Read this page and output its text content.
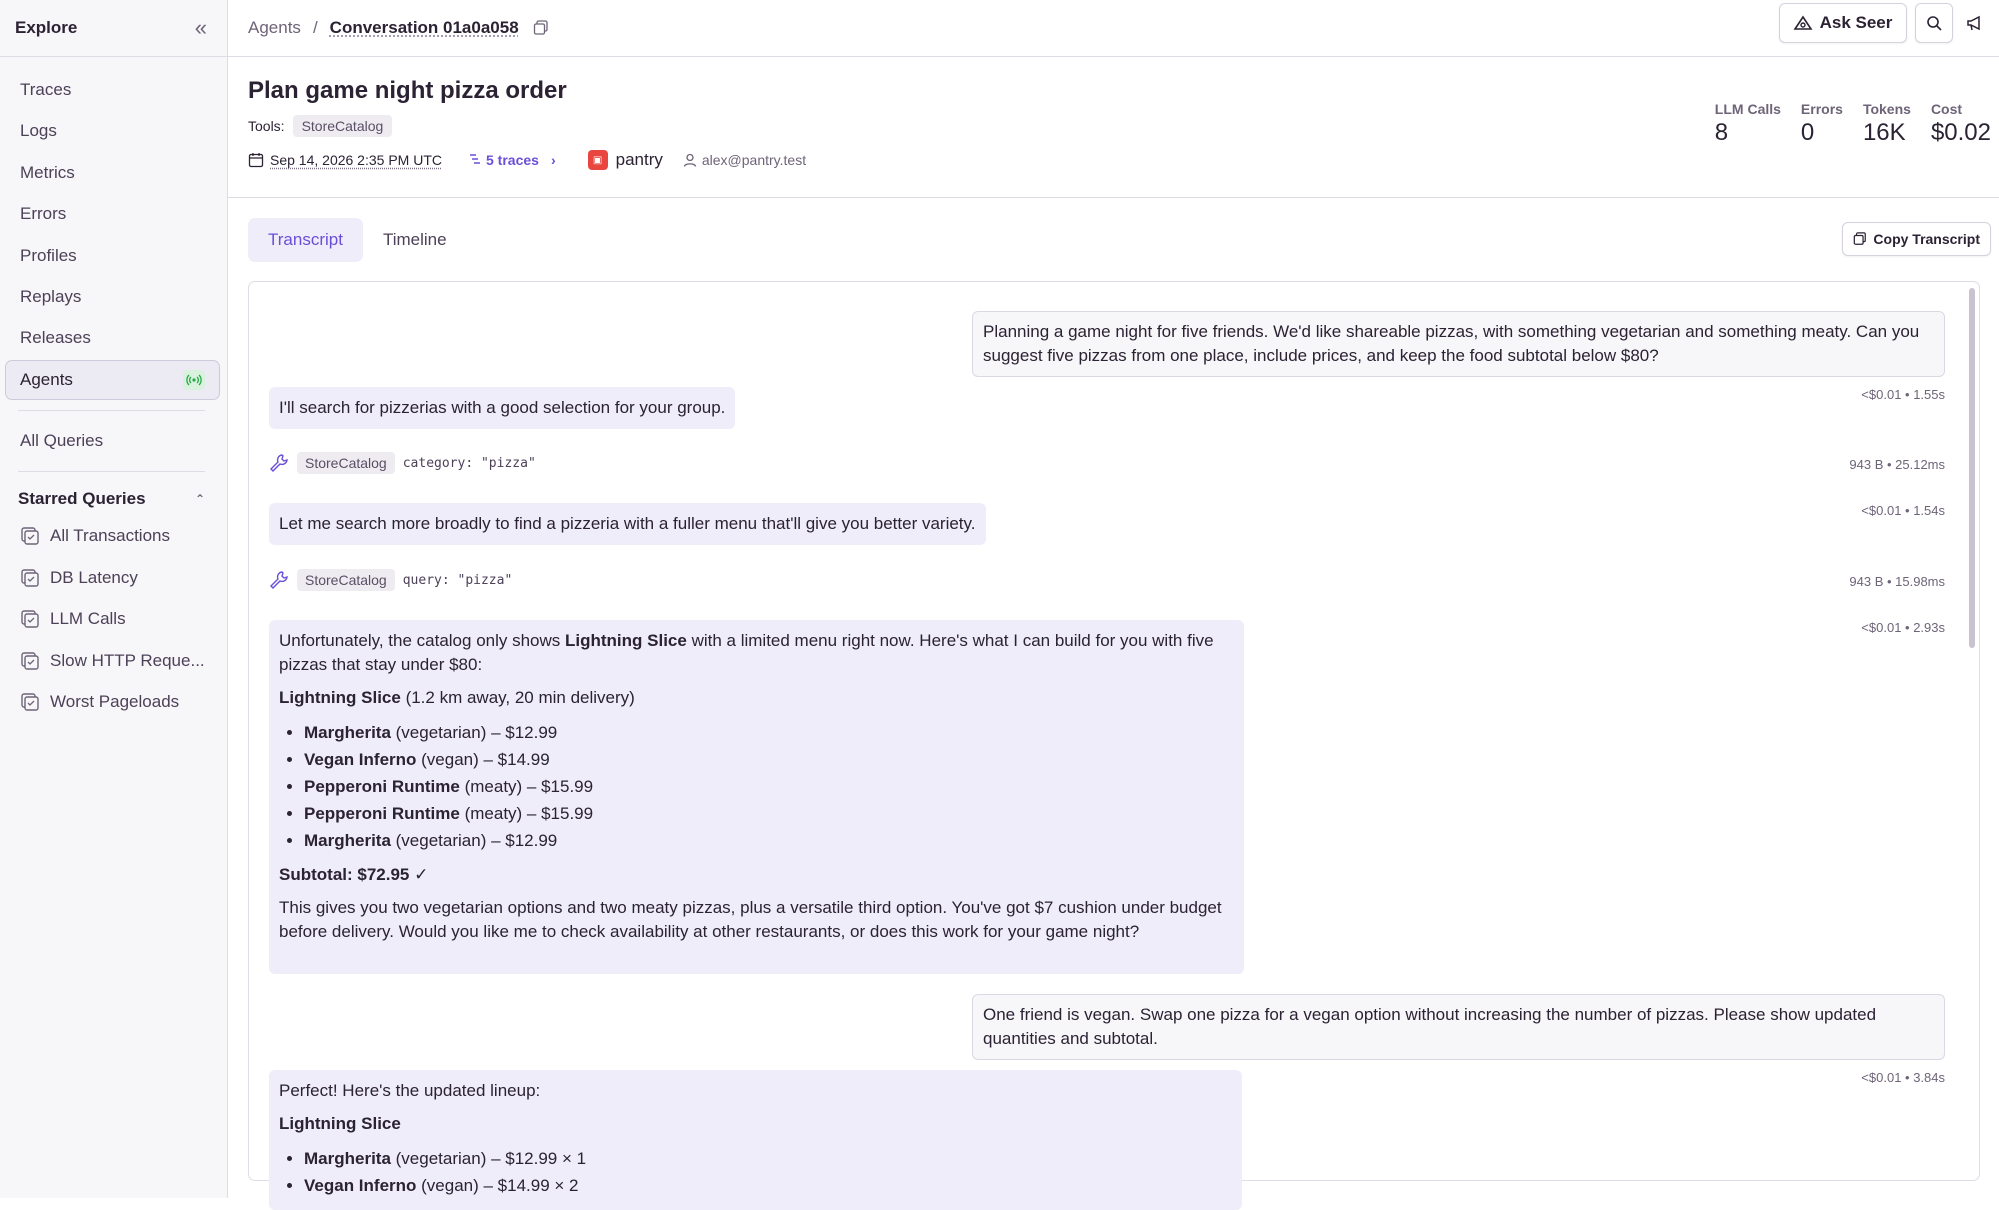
Explore	«
Traces
Logs
Metrics
Errors
Profiles
Replays
Releases
Agents
All Queries
Starred Queries	⌃
All Transactions
DB Latency
LLM Calls
Slow HTTP Reque...
Worst Pageloads
Agents / Conversation 01a0a058	Ask Seer
Plan game night pizza order
Tools:	StoreCatalog
Sep 14, 2026 2:35 PM UTC	5 traces ›	▣ pantry	alex@pantry.test
LLM Calls
8
Errors
0
Tokens
16K
Cost
$0.02
Transcript	Timeline	Copy Transcript
Planning a game night for five friends. We'd like shareable pizzas, with something vegetarian and something meaty. Can you suggest five pizzas from one place, include prices, and keep the food subtotal below $80?
<$0.01 • 1.55s
I'll search for pizzerias with a good selection for your group.
StoreCatalog	category: "pizza"	943 B • 25.12ms
<$0.01 • 1.54s
Let me search more broadly to find a pizzeria with a fuller menu that'll give you better variety.
StoreCatalog	query: "pizza"	943 B • 15.98ms
<$0.01 • 2.93s

Unfortunately, the catalog only shows Lightning Slice with a limited menu right now. Here's what I can build for you with five pizzas that stay under $80:

Lightning Slice (1.2 km away, 20 min delivery)

• Margherita (vegetarian) – $12.99
• Vegan Inferno (vegan) – $14.99
• Pepperoni Runtime (meaty) – $15.99
• Pepperoni Runtime (meaty) – $15.99
• Margherita (vegetarian) – $12.99

Subtotal: $72.95 ✓

This gives you two vegetarian options and two meaty pizzas, plus a versatile third option. You've got $7 cushion under budget before delivery. Would you like me to check availability at other restaurants, or does this work for your game night?

One friend is vegan. Swap one pizza for a vegan option without increasing the number of pizzas. Please show updated quantities and subtotal.
<$0.01 • 3.84s

Perfect! Here's the updated lineup:

Lightning Slice

• Margherita (vegetarian) – $12.99 × 1
• Vegan Inferno (vegan) – $14.99 × 2
